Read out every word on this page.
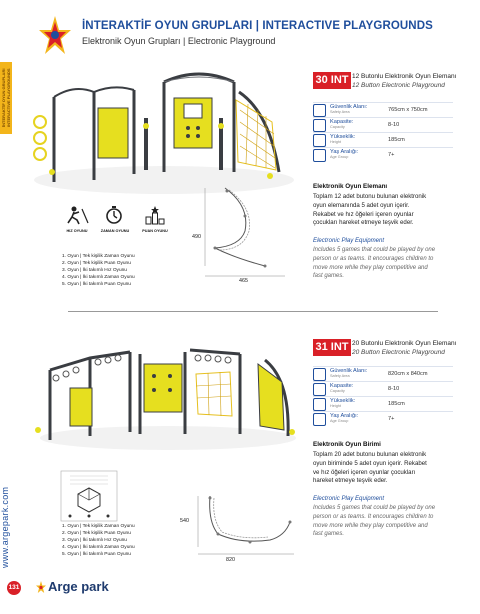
İNTERAKTİF OYUN GRUPLARI | INTERACTIVE PLAYGROUNDS
Elektronik Oyun Grupları | Electronic Playground
İNTERAKTİF OYUN GRUPLARI INTERACTIVE PLAYGROUNDS	30 INT 12 Butonlu Elektronik Oyun Elemanı
12 Button Electronic Playground
Güvenlik Alanı:
Safety Area	765cm x 750cm
Kapasite:
Capacity	8-10
Yükseklik:
Height	185cm
Yaş Aralığı:
Age Group	7+
Elektronik Oyun Elemanı
Toplam 12 adet butonu bulunan elektronik oyun elemanında 5 adet oyun içerir. Rekabet ve hız öğeleri içeren oyunlar çocukları hareket etmeye teşvik eder.
Electronic Play Equipment
Includes 5 games that could be played by one person or as teams. It encourages children to move more while they play competitive and fast games.
HIZ OYUNU	ZAMAN OYUNU	PUAN OYUNU
1. Oyun | Tek kişilik Zaman Oyunu
2. Oyun | Tek kişilik Puan Oyunu
3. Oyun | İki takımlı Hız Oyunu
4. Oyun | İki takımlı Zaman Oyunu
5. Oyun | İki takımlı Puan Oyunu
490
465
31 INT 20 Butonlu Elektronik Oyun Elemanı
20 Button Electronic Playground
Güvenlik Alanı:
Safety Area	820cm x 840cm
Kapasite:
Capacity	8-10
Yükseklik:
Height	185cm
Yaş Aralığı:
Age Group	7+
Elektronik Oyun Birimi
Toplam 20 adet butonu bulunan elektronik oyun biriminde 5 adet oyun içerir. Rekabet ve hız öğeleri içeren oyunlar çocukları hareket etmeye teşvik eder.
Electronic Play Equipment
Includes 5 games that could be played by one person or as teams. It encourages children to move more while they play competitive and fast games.
1. Oyun | Tek kişilik Zaman Oyunu
2. Oyun | Tek kişilik Puan Oyunu
3. Oyun | İki takımlı Hız Oyunu
4. Oyun | İki takımlı Zaman Oyunu
5. Oyun | İki takımlı Puan Oyunu
540
820
www.argepark.com
131 Arge park
